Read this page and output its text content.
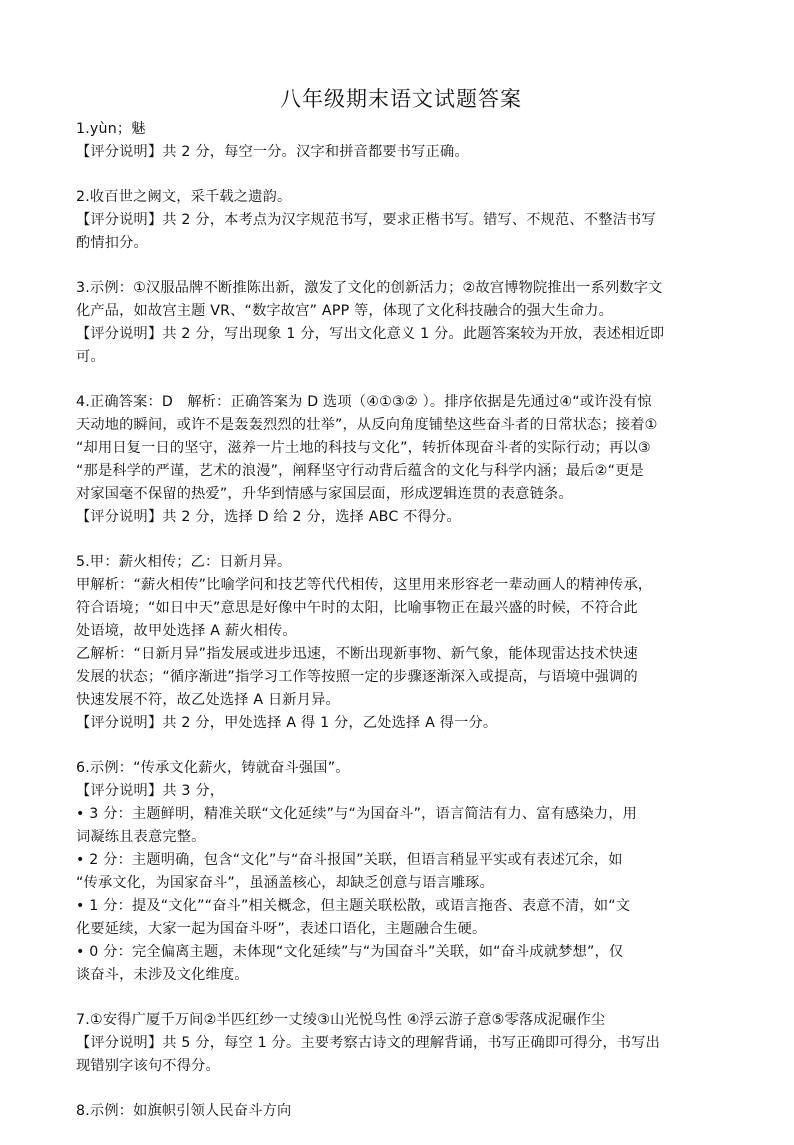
八年级期末语文试题答案
1.yùn；魅
【评分说明】共 2 分，每空一分。汉字和拼音都要书写正确。
2.收百世之阙文，采千载之遗韵。
【评分说明】共 2 分，本考点为汉字规范书写，要求正楷书写。错写、不规范、不整洁书写
酌情扣分。
3.示例：①汉服品牌不断推陈出新，激发了文化的创新活力；②故宫博物院推出一系列数字文
化产品，如故宫主题 VR、“数字故宫” APP 等，体现了文化科技融合的强大生命力。
【评分说明】共 2 分，写出现象 1 分，写出文化意义 1 分。此题答案较为开放，表述相近即
可。
4.正确答案：D　解析：正确答案为 D 选项（④①③② ）。排序依据是先通过④“或许没有惊
天动地的瞬间，或许不是轰轰烈烈的壮举”，从反向角度铺垫这些奋斗者的日常状态；接着①
“却用日复一日的坚守，滋养一片土地的科技与文化”，转折体现奋斗者的实际行动；再以③
“那是科学的严谨，艺术的浪漫”，阐释坚守行动背后蕴含的文化与科学内涵；最后②“更是
对家国毫不保留的热爱”，升华到情感与家国层面，形成逻辑连贯的表意链条。
【评分说明】共 2 分，选择 D 给 2 分，选择 ABC 不得分。
5.甲：薪火相传；乙：日新月异。
甲解析：“薪火相传”比喻学问和技艺等代代相传，这里用来形容老一辈动画人的精神传承，
符合语境；“如日中天”意思是好像中午时的太阳，比喻事物正在最兴盛的时候，不符合此
处语境，故甲处选择 A 薪火相传。
乙解析：“日新月异”指发展或进步迅速，不断出现新事物、新气象，能体现雷达技术快速
发展的状态；“循序渐进”指学习工作等按照一定的步骤逐渐深入或提高，与语境中强调的
快速发展不符，故乙处选择 A 日新月异。
【评分说明】共 2 分，甲处选择 A 得 1 分，乙处选择 A 得一分。
6.示例：“传承文化薪火，铸就奋斗强国”。
【评分说明】共 3 分，
• 3 分：主题鲜明，精准关联“文化延续”与“为国奋斗”，语言简洁有力、富有感染力，用
词凝练且表意完整。
• 2 分：主题明确，包含“文化”与“奋斗报国”关联，但语言稍显平实或有表述冗余，如
“传承文化，为国家奋斗”，虽涵盖核心，却缺乏创意与语言雕琢。
• 1 分：提及“文化”“奋斗”相关概念，但主题关联松散，或语言拖沓、表意不清，如“文
化要延续，大家一起为国奋斗呀”，表述口语化，主题融合生硬。
• 0 分：完全偏离主题，未体现“文化延续”与“为国奋斗”关联，如“奋斗成就梦想”，仅
谈奋斗，未涉及文化维度。
7.①安得广厦千万间②半匹红纱一丈绫③山光悦鸟性 ④浮云游子意⑤零落成泥碾作尘
【评分说明】共 5 分，每空 1 分。主要考察古诗文的理解背诵，书写正确即可得分，书写出
现错别字该句不得分。
8.示例：如旗帜引领人民奋斗方向
